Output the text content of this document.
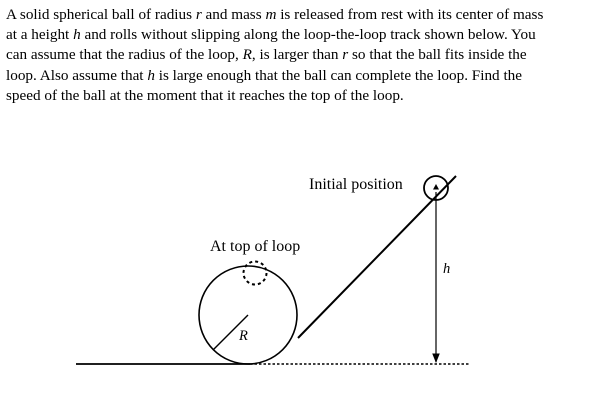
A solid spherical ball of radius r and mass m is released from rest with its center of mass
at a height h and rolls without slipping along the loop-the-loop track shown below. You
can assume that the radius of the loop, R, is larger than r so that the ball fits inside the
loop. Also assume that h is large enough that the ball can complete the loop. Find the
speed of the ball at the moment that it reaches the top of the loop.
R
At top of loop
Initial position
h
